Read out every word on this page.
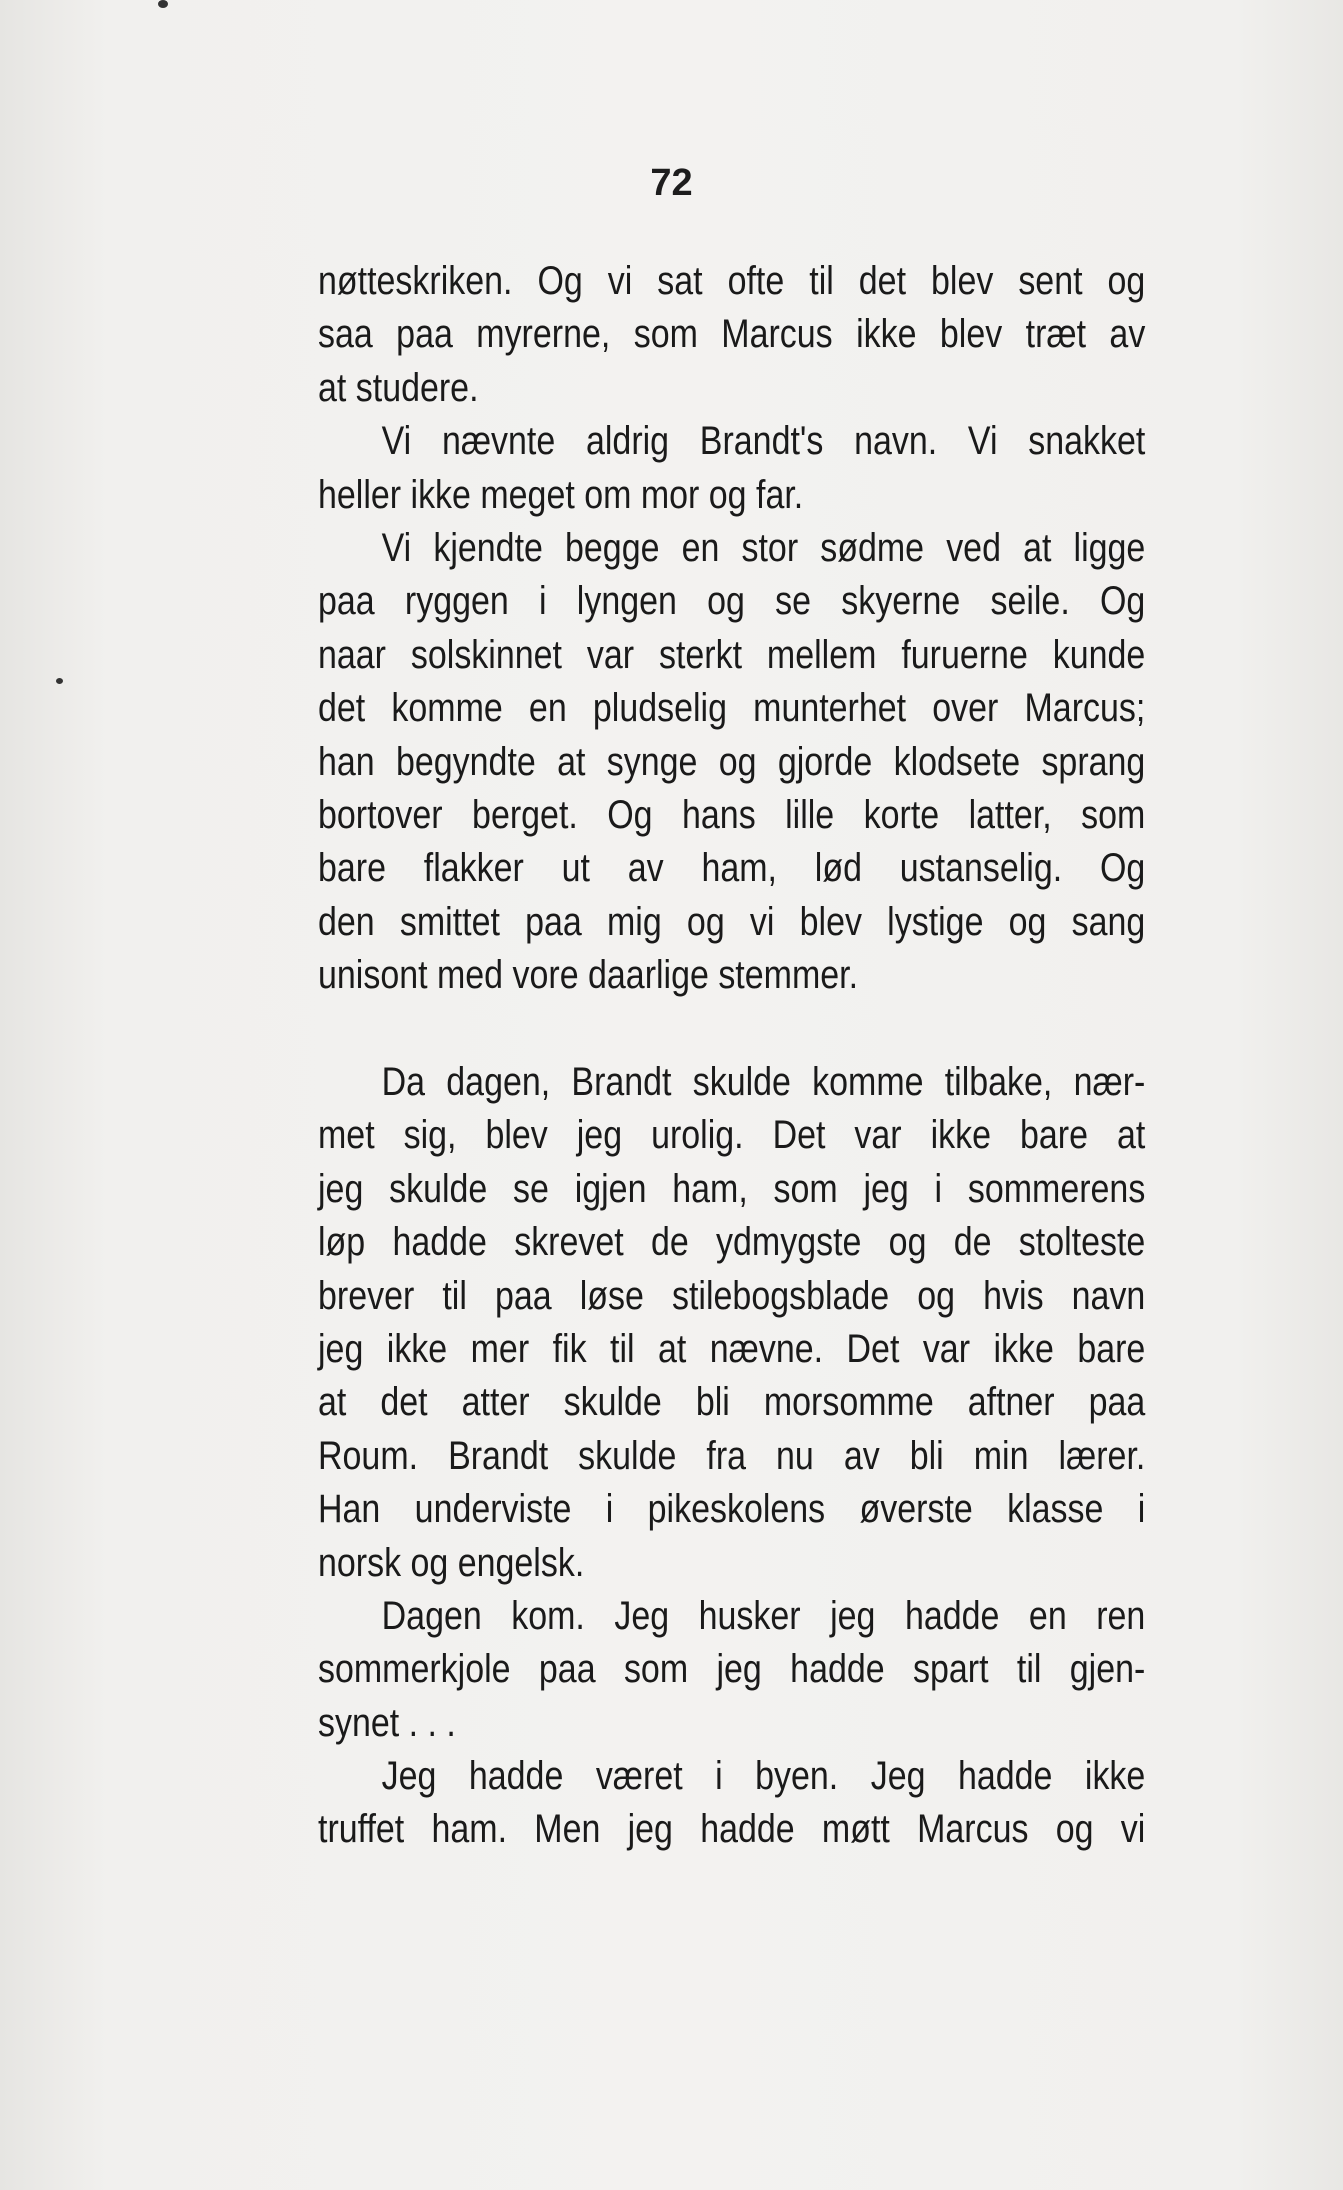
72
nøtteskriken. Og vi sat ofte til det blev sent og
saa paa myrerne, som Marcus ikke blev træt av
at studere.
Vi nævnte aldrig Brandt's navn. Vi snakket
heller ikke meget om mor og far.
Vi kjendte begge en stor sødme ved at ligge
paa ryggen i lyngen og se skyerne seile. Og
naar solskinnet var sterkt mellem furuerne kunde
det komme en pludselig munterhet over Marcus;
han begyndte at synge og gjorde klodsete sprang
bortover berget. Og hans lille korte latter, som
bare flakker ut av ham, lød ustanselig. Og
den smittet paa mig og vi blev lystige og sang
unisont med vore daarlige stemmer.
Da dagen, Brandt skulde komme tilbake, nær-
met sig, blev jeg urolig. Det var ikke bare at
jeg skulde se igjen ham, som jeg i sommerens
løp hadde skrevet de ydmygste og de stolteste
brever til paa løse stilebogsblade og hvis navn
jeg ikke mer fik til at nævne. Det var ikke bare
at det atter skulde bli morsomme aftner paa
Roum. Brandt skulde fra nu av bli min lærer.
Han underviste i pikeskolens øverste klasse i
norsk og engelsk.
Dagen kom. Jeg husker jeg hadde en ren
sommerkjole paa som jeg hadde spart til gjen-
synet . . .
Jeg hadde været i byen. Jeg hadde ikke
truffet ham. Men jeg hadde møtt Marcus og vi
